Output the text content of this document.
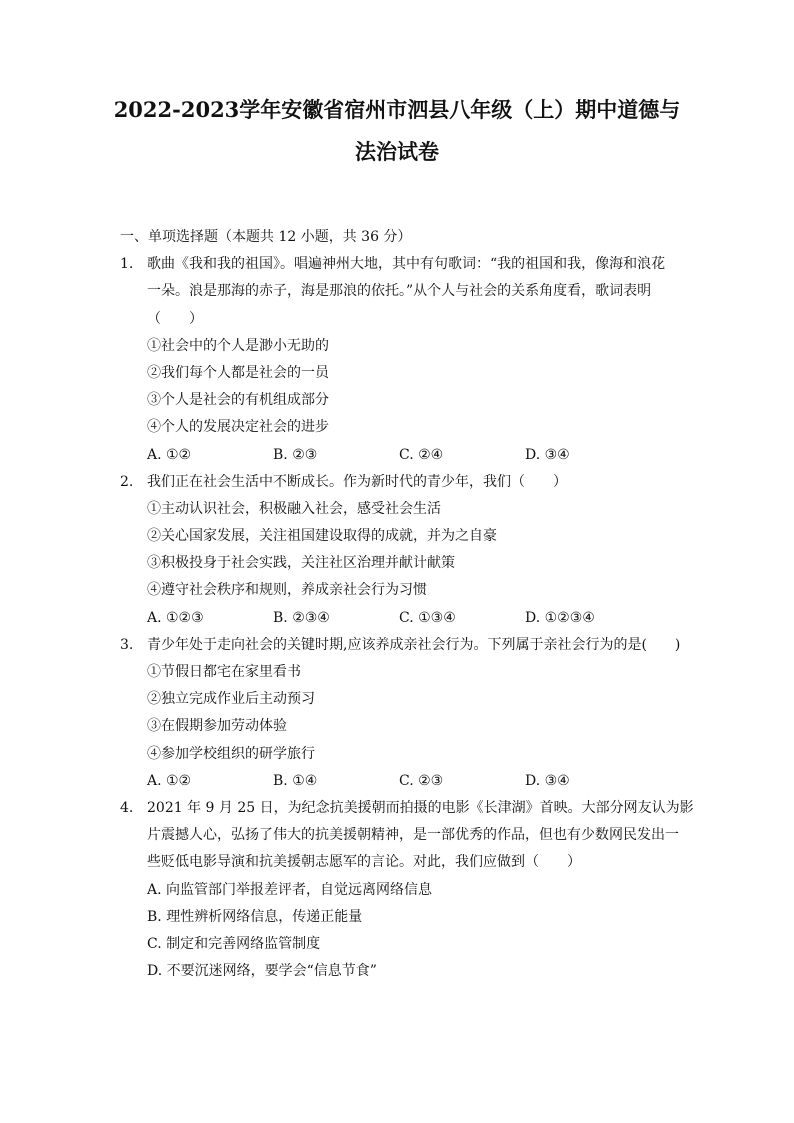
2022-2023学年安徽省宿州市泗县八年级（上）期中道德与
法治试卷
一、单项选择题（本题共 12 小题，共 36 分）
1. 歌曲《我和我的祖国》。唱遍神州大地，其中有句歌词：“我的祖国和我，像海和浪花
一朵。浪是那海的赤子，海是那浪的依托。”从个人与社会的关系角度看，歌词表明
（　　）
①社会中的个人是渺小无助的
②我们每个人都是社会的一员
③个人是社会的有机组成部分
④个人的发展决定社会的进步
A. ①②	B. ②③	C. ②④	D. ③④
2. 我们正在社会生活中不断成长。作为新时代的青少年，我们（　　）
①主动认识社会，积极融入社会，感受社会生活
②关心国家发展，关注祖国建设取得的成就，并为之自豪
③积极投身于社会实践，关注社区治理并献计献策
④遵守社会秩序和规则，养成亲社会行为习惯
A. ①②③	B. ②③④	C. ①③④	D. ①②③④
3. 青少年处于走向社会的关键时期,应该养成亲社会行为。下列属于亲社会行为的是(　　)
①节假日都宅在家里看书
②独立完成作业后主动预习
③在假期参加劳动体验
④参加学校组织的研学旅行
A. ①②	B. ①④	C. ②③	D. ③④
4. 2021 年 9 月 25 日，为纪念抗美援朝而拍摄的电影《长津湖》首映。大部分网友认为影
片震撼人心，弘扬了伟大的抗美援朝精神，是一部优秀的作品，但也有少数网民发出一
些贬低电影导演和抗美援朝志愿军的言论。对此，我们应做到（　　）
A. 向监管部门举报差评者，自觉远离网络信息
B. 理性辨析网络信息，传递正能量
C. 制定和完善网络监管制度
D. 不要沉迷网络，要学会“信息节食”
